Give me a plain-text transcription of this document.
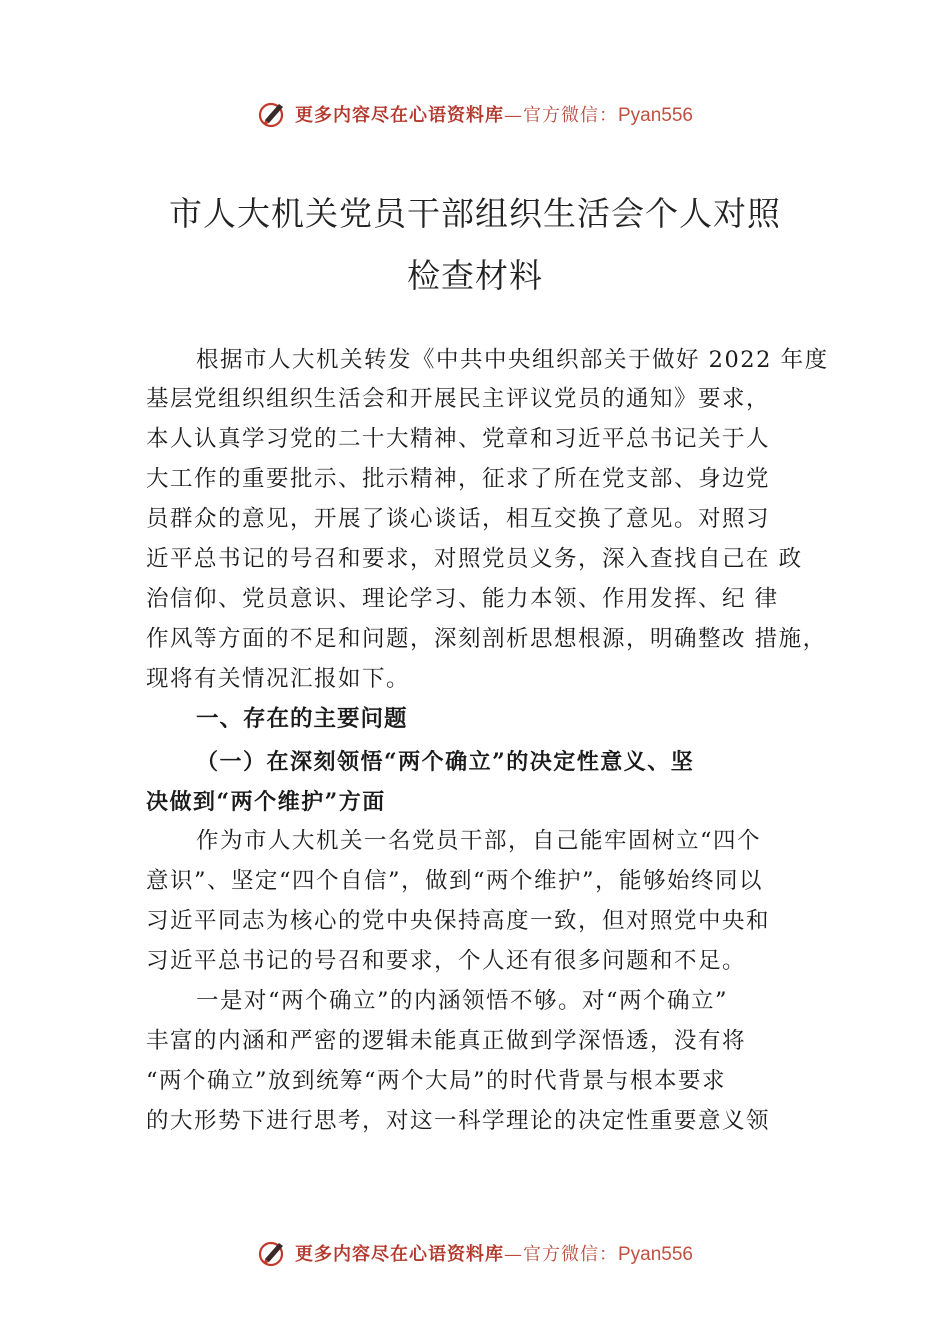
更多内容尽在心语资料库—官方微信：Pyan556
市人大机关党员干部组织生活会个人对照
检查材料
根据市人大机关转发《中共中央组织部关于做好 2022 年度
基层党组织组织生活会和开展民主评议党员的通知》要求，
本人认真学习党的二十大精神、党章和习近平总书记关于人
大工作的重要批示、批示精神，征求了所在党支部、身边党
员群众的意见，开展了谈心谈话，相互交换了意见。对照习
近平总书记的号召和要求，对照党员义务，深入查找自己在 政
治信仰、党员意识、理论学习、能力本领、作用发挥、纪 律
作风等方面的不足和问题，深刻剖析思想根源，明确整改 措施，
现将有关情况汇报如下。
一、存在的主要问题
（一）在深刻领悟“两个确立”的决定性意义、坚
决做到“两个维护”方面
作为市人大机关一名党员干部，自己能牢固树立“四个
意识”、坚定“四个自信”，做到“两个维护”，能够始终同以
习近平同志为核心的党中央保持高度一致，但对照党中央和
习近平总书记的号召和要求，个人还有很多问题和不足。
一是对“两个确立”的内涵领悟不够。对“两个确立”
丰富的内涵和严密的逻辑未能真正做到学深悟透，没有将
“两个确立”放到统筹“两个大局”的时代背景与根本要求
的大形势下进行思考，对这一科学理论的决定性重要意义领
更多内容尽在心语资料库—官方微信：Pyan556
